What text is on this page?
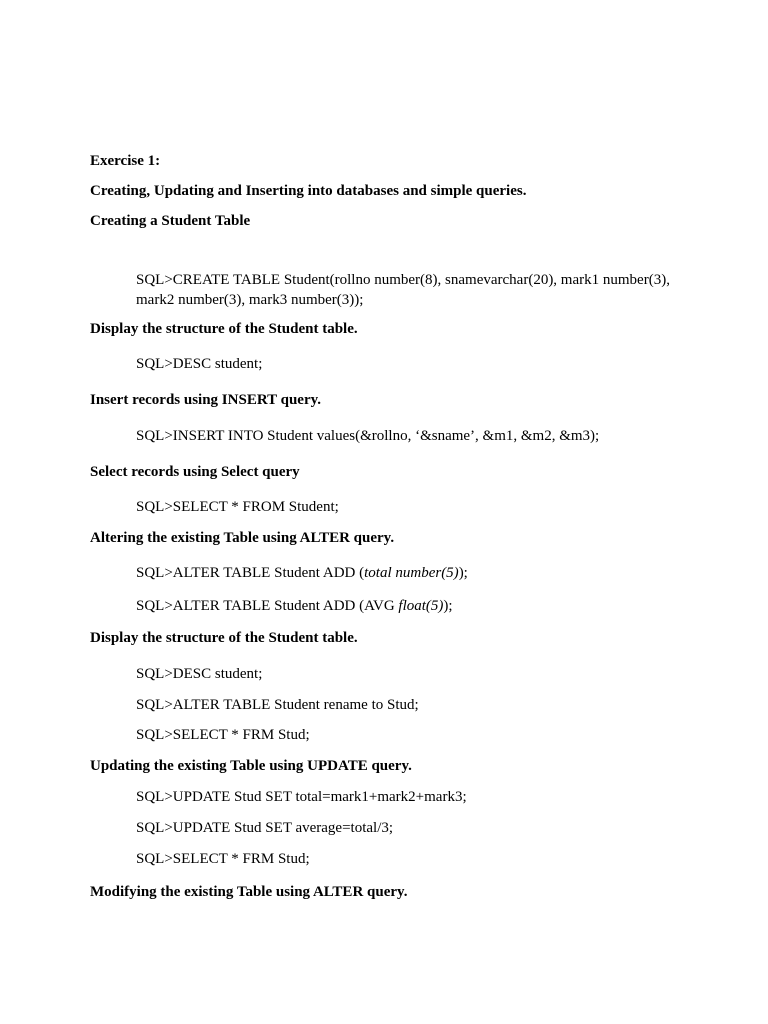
Exercise 1:
Creating, Updating and Inserting into databases and simple queries.
Creating a Student Table
SQL>CREATE TABLE Student(rollno number(8), snamevarchar(20), mark1 number(3),
mark2 number(3), mark3 number(3));
Display the structure of the Student table.
SQL>DESC student;
Insert records using INSERT query.
SQL>INSERT INTO Student values(&rollno, ‘&sname’, &m1, &m2, &m3);
Select records using Select query
SQL>SELECT * FROM Student;
Altering the existing Table using ALTER query.
SQL>ALTER TABLE Student ADD (total number(5));
SQL>ALTER TABLE Student ADD (AVG float(5));
Display the structure of the Student table.
SQL>DESC student;
SQL>ALTER TABLE Student rename to Stud;
SQL>SELECT * FRM Stud;
Updating the existing Table using UPDATE query.
SQL>UPDATE Stud SET total=mark1+mark2+mark3;
SQL>UPDATE Stud SET average=total/3;
SQL>SELECT * FRM Stud;
Modifying the existing Table using ALTER query.
